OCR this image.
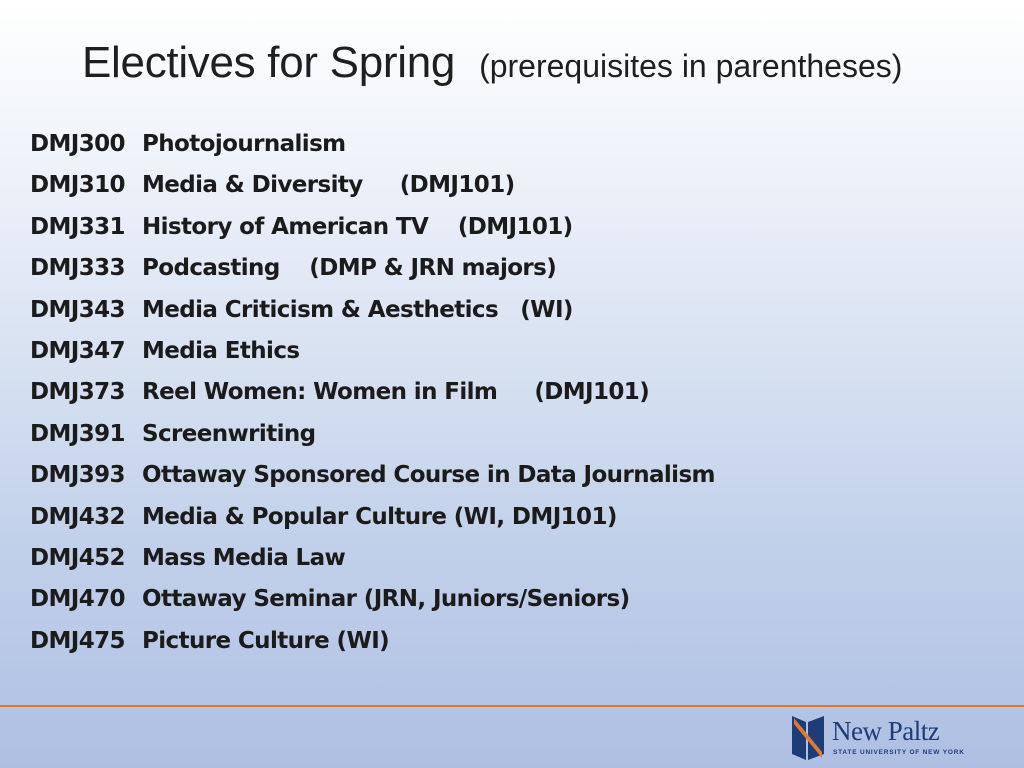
Electives for Spring (prerequisites in parentheses)
DMJ300 Photojournalism
DMJ310 Media & Diversity     (DMJ101)
DMJ331 History of American TV    (DMJ101)
DMJ333 Podcasting    (DMP & JRN majors)
DMJ343 Media Criticism & Aesthetics   (WI)
DMJ347 Media Ethics
DMJ373 Reel Women: Women in Film     (DMJ101)
DMJ391 Screenwriting
DMJ393 Ottaway Sponsored Course in Data Journalism
DMJ432 Media & Popular Culture (WI, DMJ101)
DMJ452 Mass Media Law
DMJ470 Ottaway Seminar (JRN, Juniors/Seniors)
DMJ475 Picture Culture (WI)
New Paltz
STATE UNIVERSITY OF NEW YORK
